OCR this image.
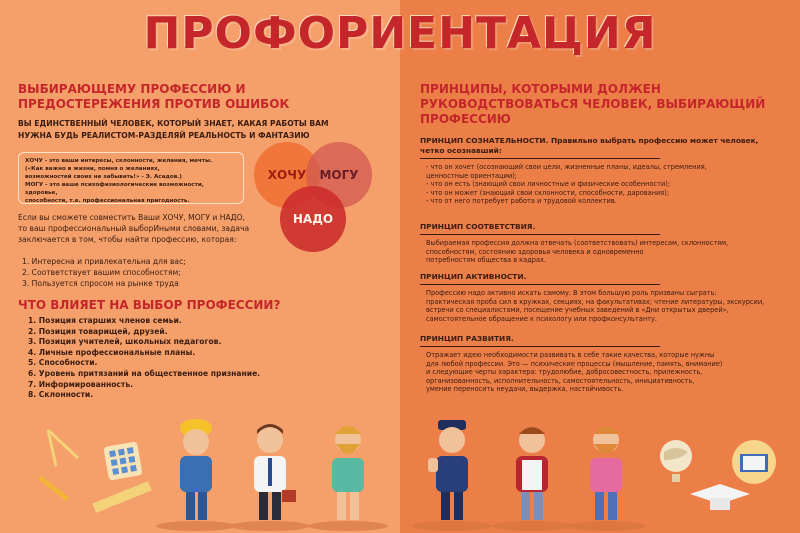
ПРОФОРИЕНТАЦИЯ
ВЫБИРАЮЩЕМУ ПРОФЕССИЮ И ПРЕДОСТЕРЕЖЕНИЯ ПРОТИВ ОШИБОК
ВЫ ЕДИНСТВЕННЫЙ ЧЕЛОВЕК, КОТОРЫЙ ЗНАЕТ, КАКАЯ РАБОТЫ ВАМ НУЖНА БУДЬ РЕАЛИСТОМ-РАЗДЕЛЯЙ РЕАЛЬНОСТЬ И ФАНТАЗИЮ
ХОЧУ - это ваши интересы, склонности, желания, мечты.
(«Как важно в жизни, помня о желаниях,
возможностей своих не забывать!» - Э. Асадов.)
МОГУ - это ваше психофизиологические возможности, здоровье,
способности, т.е. профессиональная пригодность.
ХОЧУ	МОГУ
НАДО
Если вы сможете совместить Ваши ХОЧУ, МОГУ и НАДО, то ваш профессиональный выборИными словами, задача заключается в том, чтобы найти профессию, которая:
1. Интересна и привлекательна для вас;
2. Соответствует вашим способностям;
3. Пользуется спросом на рынке труда
ЧТО ВЛИЯЕТ НА ВЫБОР ПРОФЕССИИ?
1. Позиция старших членов семьи.
2. Позиция товарищей, друзей.
3. Позиция учителей, школьных педагогов.
4. Личные профессиональные планы.
5. Способности.
6. Уровень притязаний на общественное признание.
7. Информированность.
8. Склонности.
ПРИНЦИПЫ, КОТОРЫМИ ДОЛЖЕН РУКОВОДСТВОВАТЬСЯ ЧЕЛОВЕК, ВЫБИРАЮЩИЙ ПРОФЕССИЮ
ПРИНЦИП СОЗНАТЕЛЬНОСТИ. Правильно выбрать профессию может человек, четко осознавший:
- что он хочет (осознающий свои цели, жизненные планы, идеалы, стремления,
ценностные ориентации);
- что он есть (знающий свои личностные и физические особенности);
- что он может (знающий свои склонности, способности, дарования);
- что от него потребует работа и трудовой коллектив.
ПРИНЦИП СООТВЕТСТВИЯ.
Выбираемая профессия должна отвечать (соответствовать) интересам, склонностям,
способностям, состоянию здоровья человека и одновременно
потребностям общества в кадрах.
ПРИНЦИП АКТИВНОСТИ.
Профессию надо активно искать самому. В этом большую роль призваны сыграть:
практическая проба сил в кружках, секциях, на факультативах; чтение литературы, экскурсии,
встречи со специалистами, посещение учебных заведений в «Дни открытых дверей»,
самостоятельное обращение к психологу или профконсультанту.
ПРИНЦИП РАЗВИТИЯ.
Отражает идею необходимости развивать в себе такие качества, которые нужны
для любой профессии. Это — психические процессы (мышление, память, внимание)
и следующие черты характера: трудолюбие, добросовестность, прилежность,
организованность, исполнительность, самостоятельность, инициативность,
умение переносить неудачи, выдержка, настойчивость.
